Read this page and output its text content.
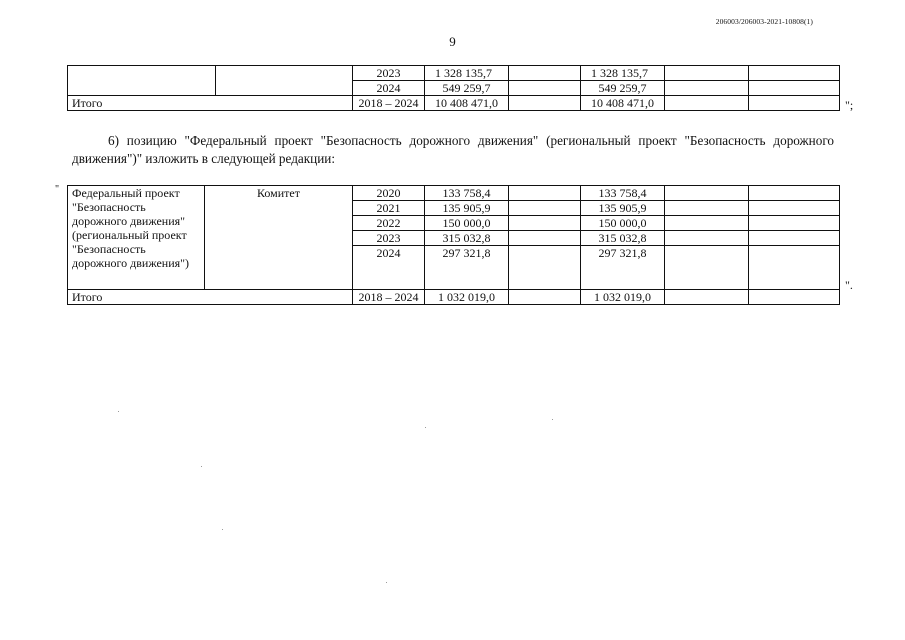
206003/206003-2021-10808(1)
9
		2023	1 328 135,7		1 328 135,7		
		2024	549 259,7		549 259,7		
Итого		2018 – 2024	10 408 471,0		10 408 471,0			";
6) позицию "Федеральный проект "Безопасность дорожного движения" (региональный проект "Безопасность дорожного движения")" изложить в следующей редакции:
" Федеральный проект "Безопасность дорожного движения" (региональный проект "Безопасность дорожного движения")	Комитет	2020	133 758,4		133 758,4		
		2021	135 905,9		135 905,9		
		2022	150 000,0		150 000,0		
		2023	315 032,8		315 032,8		
		2024	297 321,8		297 321,8		
Итого		2018 – 2024	1 032 019,0		1 032 019,0		
".
